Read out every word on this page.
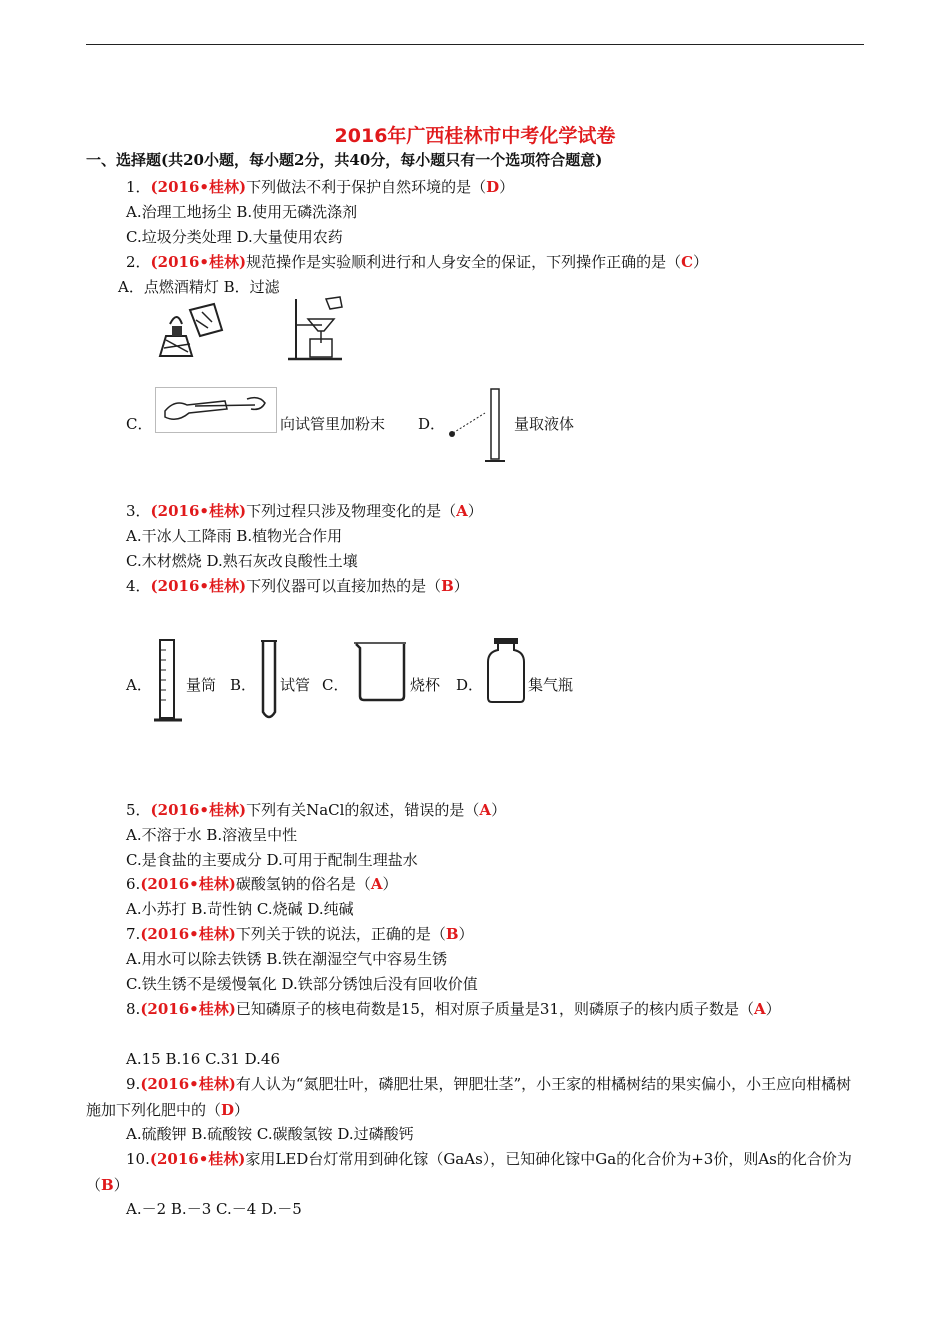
2016年广西桂林市中考化学试卷
一、选择题(共20小题，每小题2分，共40分，每小题只有一个选项符合题意)
1．(2016•桂林)下列做法不利于保护自然环境的是（D）
A.治理工地扬尘 B.使用无磷洗涤剂
C.垃圾分类处理 D.大量使用农药
2．(2016•桂林)规范操作是实验顺利进行和人身安全的保证，下列操作正确的是（C）
A．点燃酒精灯 B．过滤
C．	向试管里加粉末 D．	量取液体
3．(2016•桂林)下列过程只涉及物理变化的是（A）
A.干冰人工降雨 B.植物光合作用
C.木材燃烧 D.熟石灰改良酸性土壤
4．(2016•桂林)下列仪器可以直接加热的是（B）
A． 量筒 B． 试管 C．	烧杯 D．	集气瓶
5．(2016•桂林)下列有关NaCl的叙述，错误的是（A）
A.不溶于水 B.溶液呈中性
C.是食盐的主要成分 D.可用于配制生理盐水
6.(2016•桂林)碳酸氢钠的俗名是（A）
A.小苏打 B.苛性钠 C.烧碱 D.纯碱
7.(2016•桂林)下列关于铁的说法，正确的是（B）
A.用水可以除去铁锈 B.铁在潮湿空气中容易生锈
C.铁生锈不是缓慢氧化 D.铁部分锈蚀后没有回收价值
8.(2016•桂林)已知磷原子的核电荷数是15，相对原子质量是31，则磷原子的核内质子数是（A）
A.15 B.16 C.31 D.46
9.(2016•桂林)有人认为“氮肥壮叶，磷肥壮果，钾肥壮茎”，小王家的柑橘树结的果实偏小，小王应向柑橘树施加下列化肥中的（D）
A.硫酸钾 B.硫酸铵 C.碳酸氢铵 D.过磷酸钙
10.(2016•桂林)家用LED台灯常用到砷化镓（GaAs），已知砷化镓中Ga的化合价为+3价，则As的化合价为（B）
A.－2 B.－3 C.－4 D.－5
